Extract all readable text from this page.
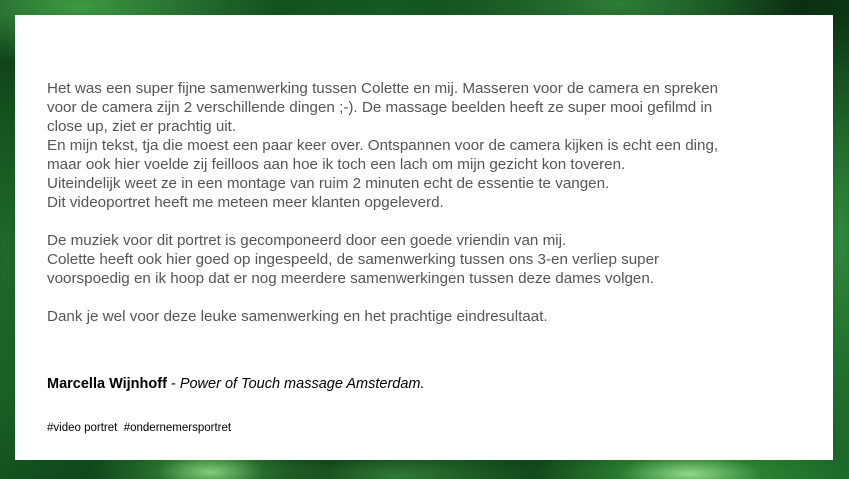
Het was een super fijne samenwerking tussen Colette en mij. Masseren voor de camera en spreken

voor de camera zijn 2 verschillende dingen ;-). De massage beelden heeft ze super mooi gefilmd in

close up, ziet er prachtig uit.

En mijn tekst, tja die moest een paar keer over. Ontspannen voor de camera kijken is echt een ding,

maar ook hier voelde zij feilloos aan hoe ik toch een lach om mijn gezicht kon toveren.

Uiteindelijk weet ze in een montage van ruim 2 minuten echt de essentie te vangen.

Dit videoportret heeft me meteen meer klanten opgeleverd.

De muziek voor dit portret is gecomponeerd door een goede vriendin van mij.

Colette heeft ook hier goed op ingespeeld, de samenwerking tussen ons 3-en verliep super

voorspoedig en ik hoop dat er nog meerdere samenwerkingen tussen deze dames volgen.

Dank je wel voor deze leuke samenwerking en het prachtige eindresultaat.

Marcella Wijnhoff - Power of Touch massage Amsterdam.
#video portret  #ondernemersportret
